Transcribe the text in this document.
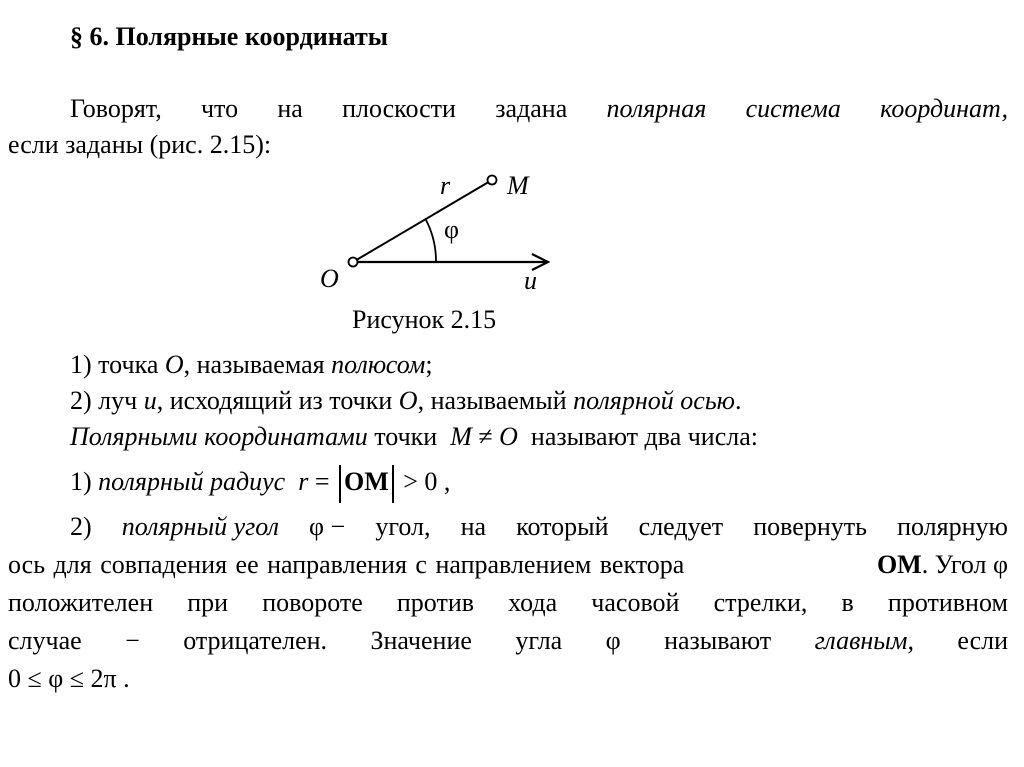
§ 6. Полярные координаты
Говорят, что на плоскости задана полярная система координат,
если заданы (рис. 2.15):
r M
φ
O	u
Рисунок 2.15
1) точка O, называемая полюсом;
2) луч u, исходящий из точки O, называемый полярной осью.
Полярными координатами точки  M ≠ O  называют два числа:
1) полярный радиус  r = OM > 0 ,
2) полярный угол φ − угол, на который следует повернуть полярную
ось для совпадения ее направления с направлением вектора	OM . Угол φ
положителен при повороте против хода часовой стрелки, в противном
случае − отрицателен. Значение угла φ называют главным, если
0 ≤ φ ≤ 2π .
